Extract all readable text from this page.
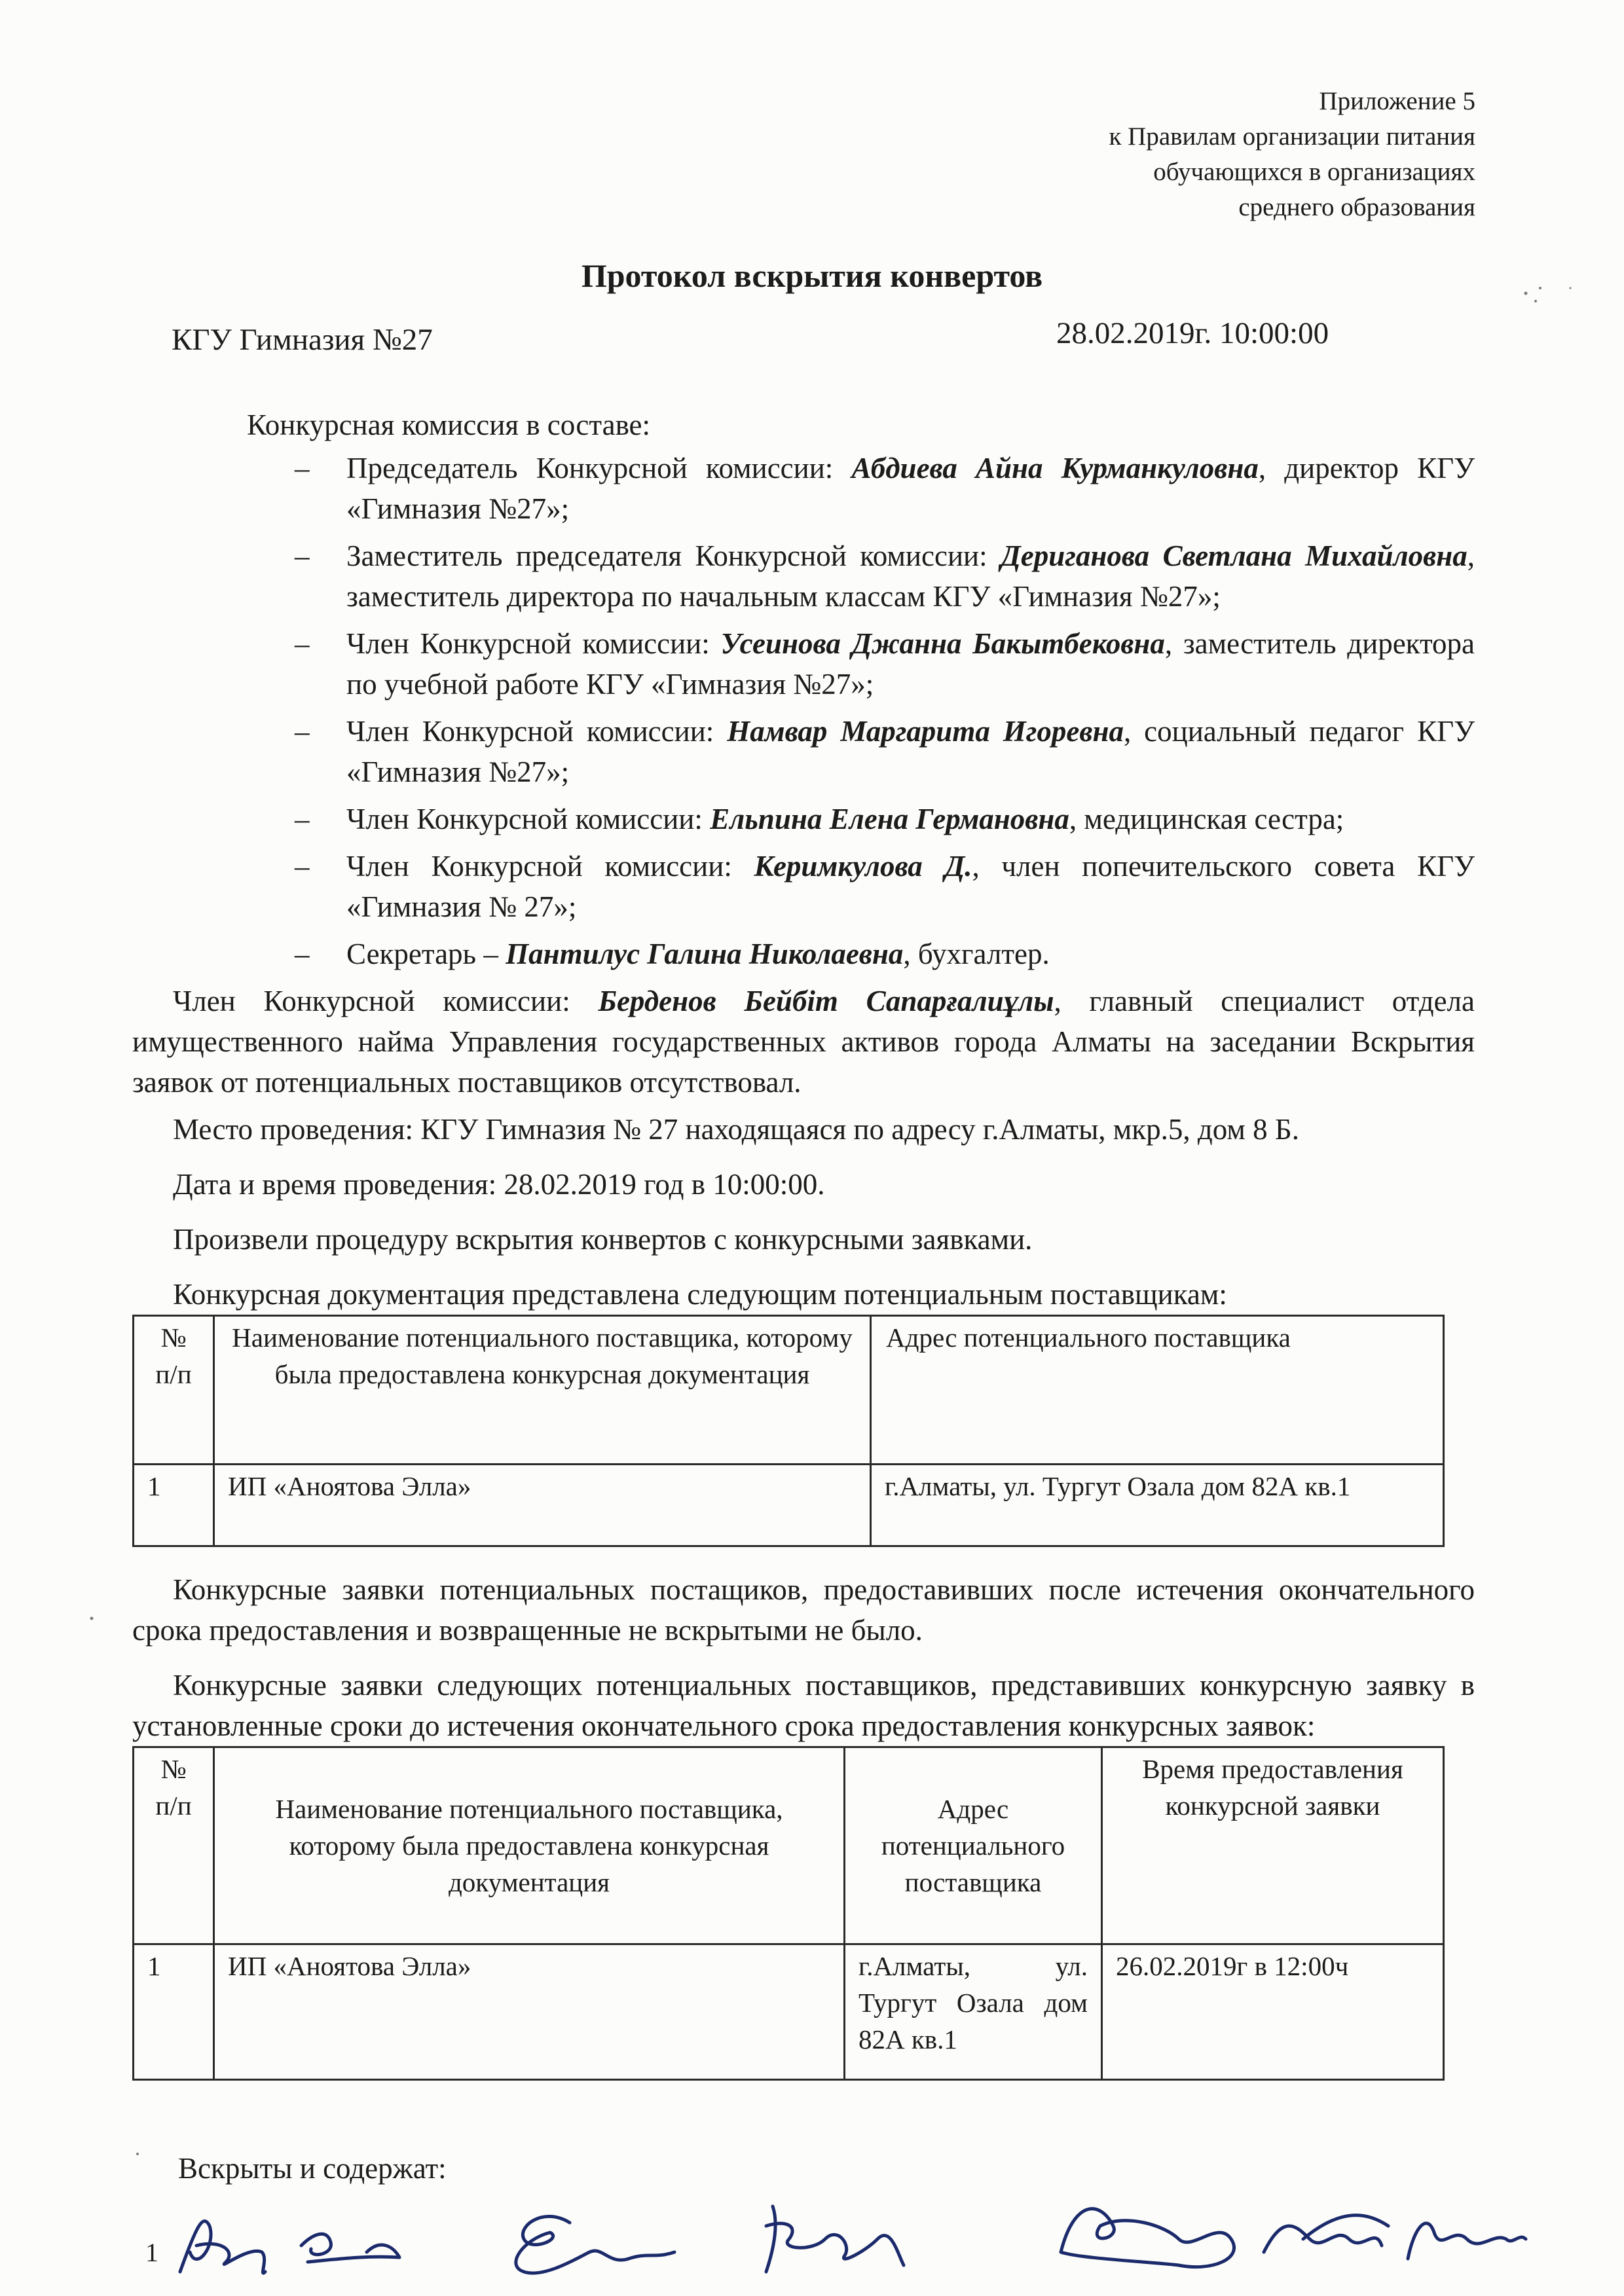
Приложение 5
к Правилам организации питания
обучающихся в организациях
среднего образования
Протокол вскрытия конвертов
КГУ Гимназия №27	28.02.2019г. 10:00:00

Конкурсная комиссия в составе:

– Председатель Конкурсной комиссии: Абдиева Айна Курманкуловна, директор КГУ «Гимназия №27»;
– Заместитель председателя Конкурсной комиссии: Дериганова Светлана Михайловна, заместитель директора по начальным классам КГУ «Гимназия №27»;
– Член Конкурсной комиссии: Усеинова Джанна Бакытбековна, заместитель директора по учебной работе КГУ «Гимназия №27»;
– Член Конкурсной комиссии: Намвар Маргарита Игоревна, социальный педагог КГУ «Гимназия №27»;
– Член Конкурсной комиссии: Ельпина Елена Германовна, медицинская сестра;
– Член Конкурсной комиссии: Керимкулова Д., член попечительского совета КГУ «Гимназия № 27»;
– Секретарь – Пантилус Галина Николаевна, бухгалтер.

Член Конкурсной комиссии: Берденов Бейбіт Сапарғалиұлы, главный специалист отдела имущественного найма Управления государственных активов города Алматы на заседании Вскрытия заявок от потенциальных поставщиков отсутствовал.

Место проведения: КГУ Гимназия № 27 находящаяся по адресу г.Алматы, мкр.5, дом 8 Б.

Дата и время проведения: 28.02.2019 год в 10:00:00.

Произвели процедуру вскрытия конвертов с конкурсными заявками.

Конкурсная документация представлена следующим потенциальным поставщикам:

№ п/п	Наименование потенциального поставщика, которому была предоставлена конкурсная документация	Адрес потенциального поставщика
1	ИП «Аноятова Элла»	г.Алматы, ул. Тургут Озала дом 82А кв.1

Конкурсные заявки потенциальных постащиков, предоставивших после истечения окончательного срока предоставления и возвращенные не вскрытыми не было.

Конкурсные заявки следующих потенциальных поставщиков, представивших конкурсную заявку в установленные сроки до истечения окончательного срока предоставления конкурсных заявок:

№ п/п	Наименование потенциального поставщика, которому была предоставлена конкурсная документация	Адрес потенциального поставщика	Время предоставления конкурсной заявки
1	ИП «Аноятова Элла»	г.Алматы, ул. Тургут Озала дом 82А кв.1	26.02.2019г в 12:00ч
Вскрыты и содержат:
1
